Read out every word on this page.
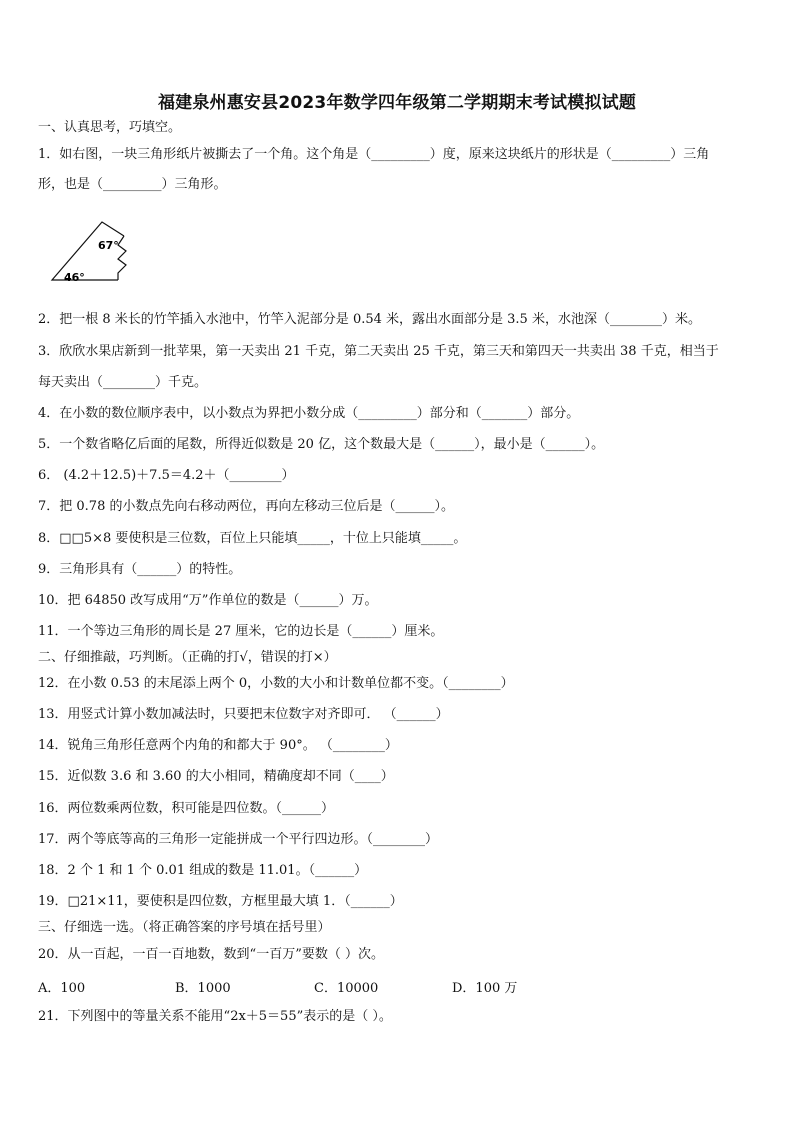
福建泉州惠安县2023年数学四年级第二学期期末考试模拟试题
一、认真思考，巧填空。
1．如右图，一块三角形纸片被撕去了一个角。这个角是（_________）度，原来这块纸片的形状是（_________）三角
形，也是（_________）三角形。
67°
46°
2．把一根 8 米长的竹竿插入水池中，竹竿入泥部分是 0.54 米，露出水面部分是 3.5 米，水池深（________）米。
3．欣欣水果店新到一批苹果，第一天卖出 21 千克，第二天卖出 25 千克，第三天和第四天一共卖出 38 千克，相当于
每天卖出（________）千克。
4．在小数的数位顺序表中，以小数点为界把小数分成（_________）部分和（_______）部分。
5．一个数省略亿后面的尾数，所得近似数是 20 亿，这个数最大是（______），最小是（______）。
6． (4.2＋12.5)＋7.5＝4.2＋（________）
7．把 0.78 的小数点先向右移动两位，再向左移动三位后是（______）。
8．□□5×8 要使积是三位数，百位上只能填_____，十位上只能填_____。
9．三角形具有（______）的特性。
10．把 64850 改写成用“万”作单位的数是（______）万。
11．一个等边三角形的周长是 27 厘米，它的边长是（______）厘米。
二、仔细推敲，巧判断。（正确的打√，错误的打×）
12．在小数 0.53 的末尾添上两个 0，小数的大小和计数单位都不变。（________）
13．用竖式计算小数加减法时，只要把末位数字对齐即可． （______）
14．锐角三角形任意两个内角的和都大于 90°。 （________）
15．近似数 3.6 和 3.60 的大小相同，精确度却不同（____）
16．两位数乘两位数，积可能是四位数。（______）
17．两个等底等高的三角形一定能拼成一个平行四边形。（________）
18．2 个 1 和 1 个 0.01 组成的数是 11.01。（______）
19．□21×11，要使积是四位数，方框里最大填 1．（______）
三、仔细选一选。（将正确答案的序号填在括号里）
20．从一百起，一百一百地数，数到“一百万”要数（ ）次。
A．100	B．1000	C．10000	D．100 万
21．下列图中的等量关系不能用“2x＋5＝55”表示的是（ ）。
